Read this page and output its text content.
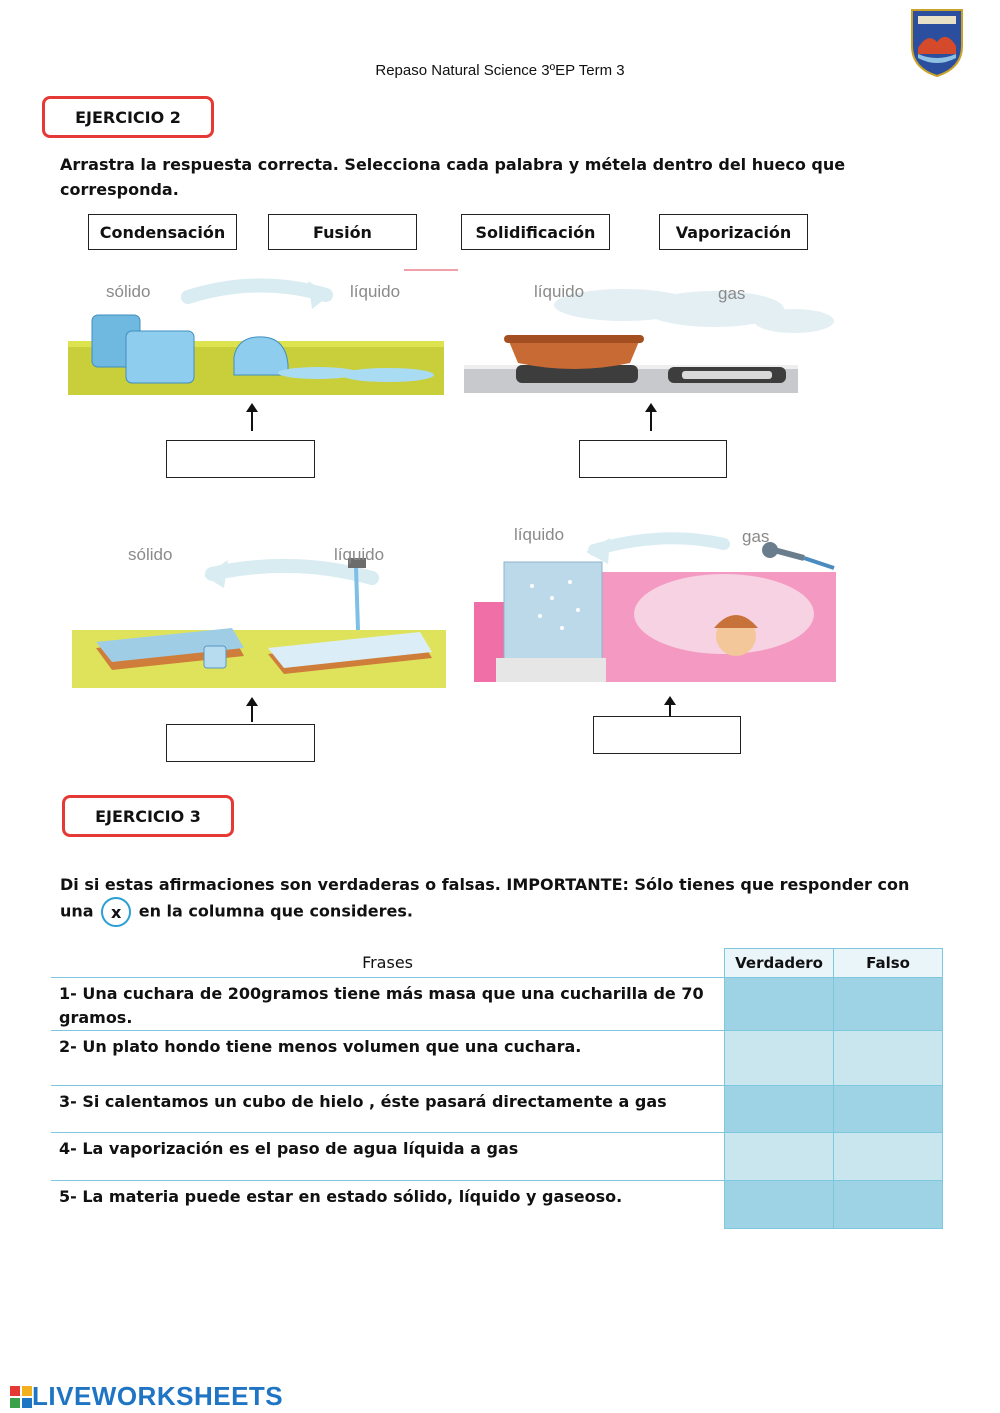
Repaso Natural Science 3ºEP Term 3
EJERCICIO 2
Arrastra la respuesta correcta. Selecciona cada palabra y métela dentro del hueco que corresponda.
Condensación	Fusión	Solidificación	Vaporización
sólido	líquido	líquido	gas
sólido	líquido
líquido	gas
EJERCICIO 3
Di si estas afirmaciones son verdaderas o falsas. IMPORTANTE: Sólo tienes que responder con una x en la columna que consideres.
Frases	Verdadero	Falso
1- Una cuchara de 200gramos tiene más masa que una cucharilla de 70 gramos.		
2- Un plato hondo tiene menos volumen que una cuchara.		
3- Si calentamos un cubo de hielo , éste pasará directamente a gas		
4- La vaporización es el paso de agua líquida a gas		
5- La materia puede estar en estado sólido, líquido y gaseoso.		
LIVEWORKSHEETS
